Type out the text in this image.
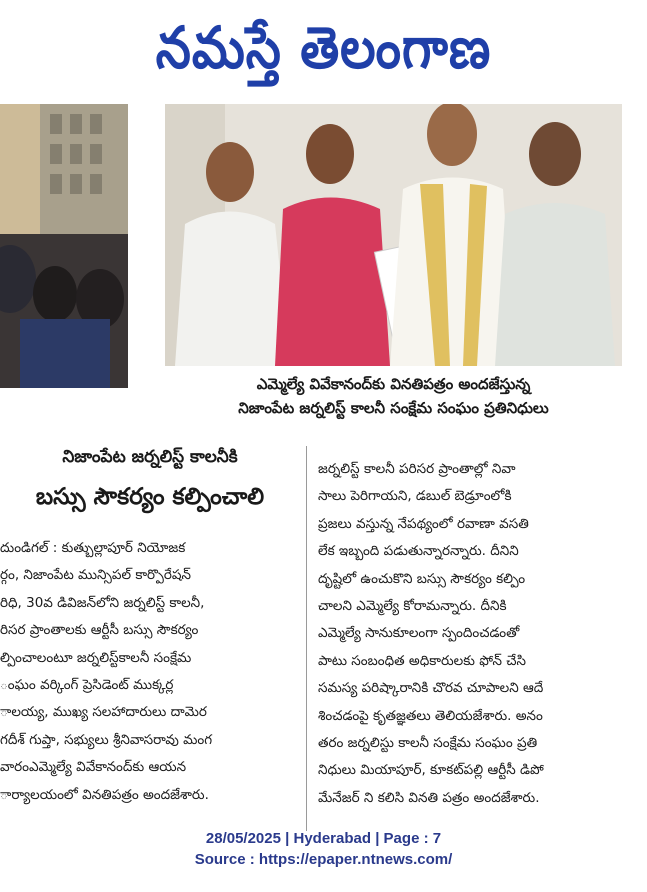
నమస్తే తెలంగాణ
ఎమ్మెల్యే వివేకానంద్‌కు వినతిపత్రం అందజేస్తున్న
నిజాంపేట జర్నలిస్ట్ కాలనీ సంక్షేమ సంఘం ప్రతినిధులు
నిజాంపేట జర్నలిస్ట్ కాలనీకి
బస్సు సౌకర్యం కల్పించాలి
దుండిగల్ : కుత్బుల్లాపూర్ నియోజక
ర్గం, నిజాంపేట మున్సిపల్ కార్పొరేషన్
రిధి, 30వ డివిజన్‌లోని జర్నలిస్ట్ కాలనీ,
రిసర ప్రాంతాలకు ఆర్టీసీ బస్సు సౌకర్యం
ల్పించాలంటూ జర్నలిస్ట్‌కాలనీ సంక్షేమ
ంఘం వర్కింగ్ ప్రెసిడెంట్ ముక్కర్ల
ాలయ్య, ముఖ్య సలహాదారులు దామెర
గదీశ్ గుప్తా, సభ్యులు శ్రీనివాసరావు మంగ
వారంఎమ్మెల్యే వివేకానంద్‌కు ఆయన
ార్యాలయంలో వినతిపత్రం అందజేశారు.
జర్నలిస్ట్ కాలనీ పరిసర ప్రాంతాల్లో నివా
సాలు పెరిగాయని, డబుల్ బెడ్రూంలోకి
ప్రజలు వస్తున్న నేపథ్యంలో రవాణా వసతి
లేక ఇబ్బంది పడుతున్నారన్నారు. దీనిని
దృష్టిలో ఉంచుకొని బస్సు సౌకర్యం కల్పిం
చాలని ఎమ్మెల్యే కోరామన్నారు. దీనికి
ఎమ్మెల్యే సానుకూలంగా స్పందించడంతో
పాటు సంబంధిత అధికారులకు ఫోన్ చేసి
సమస్య పరిష్కారానికి చొరవ చూపాలని ఆదే
శించడంపై కృతజ్ఞతలు తెలియజేశారు. అనం
తరం జర్నలిస్టు కాలనీ సంక్షేమ సంఘం ప్రతి
నిధులు మియాపూర్, కూకట్‌పల్లి ఆర్టీసీ డిపో
మేనేజర్ ని కలిసి వినతి పత్రం అందజేశారు.
28/05/2025 | Hyderabad | Page : 7
Source : https://epaper.ntnews.com/
